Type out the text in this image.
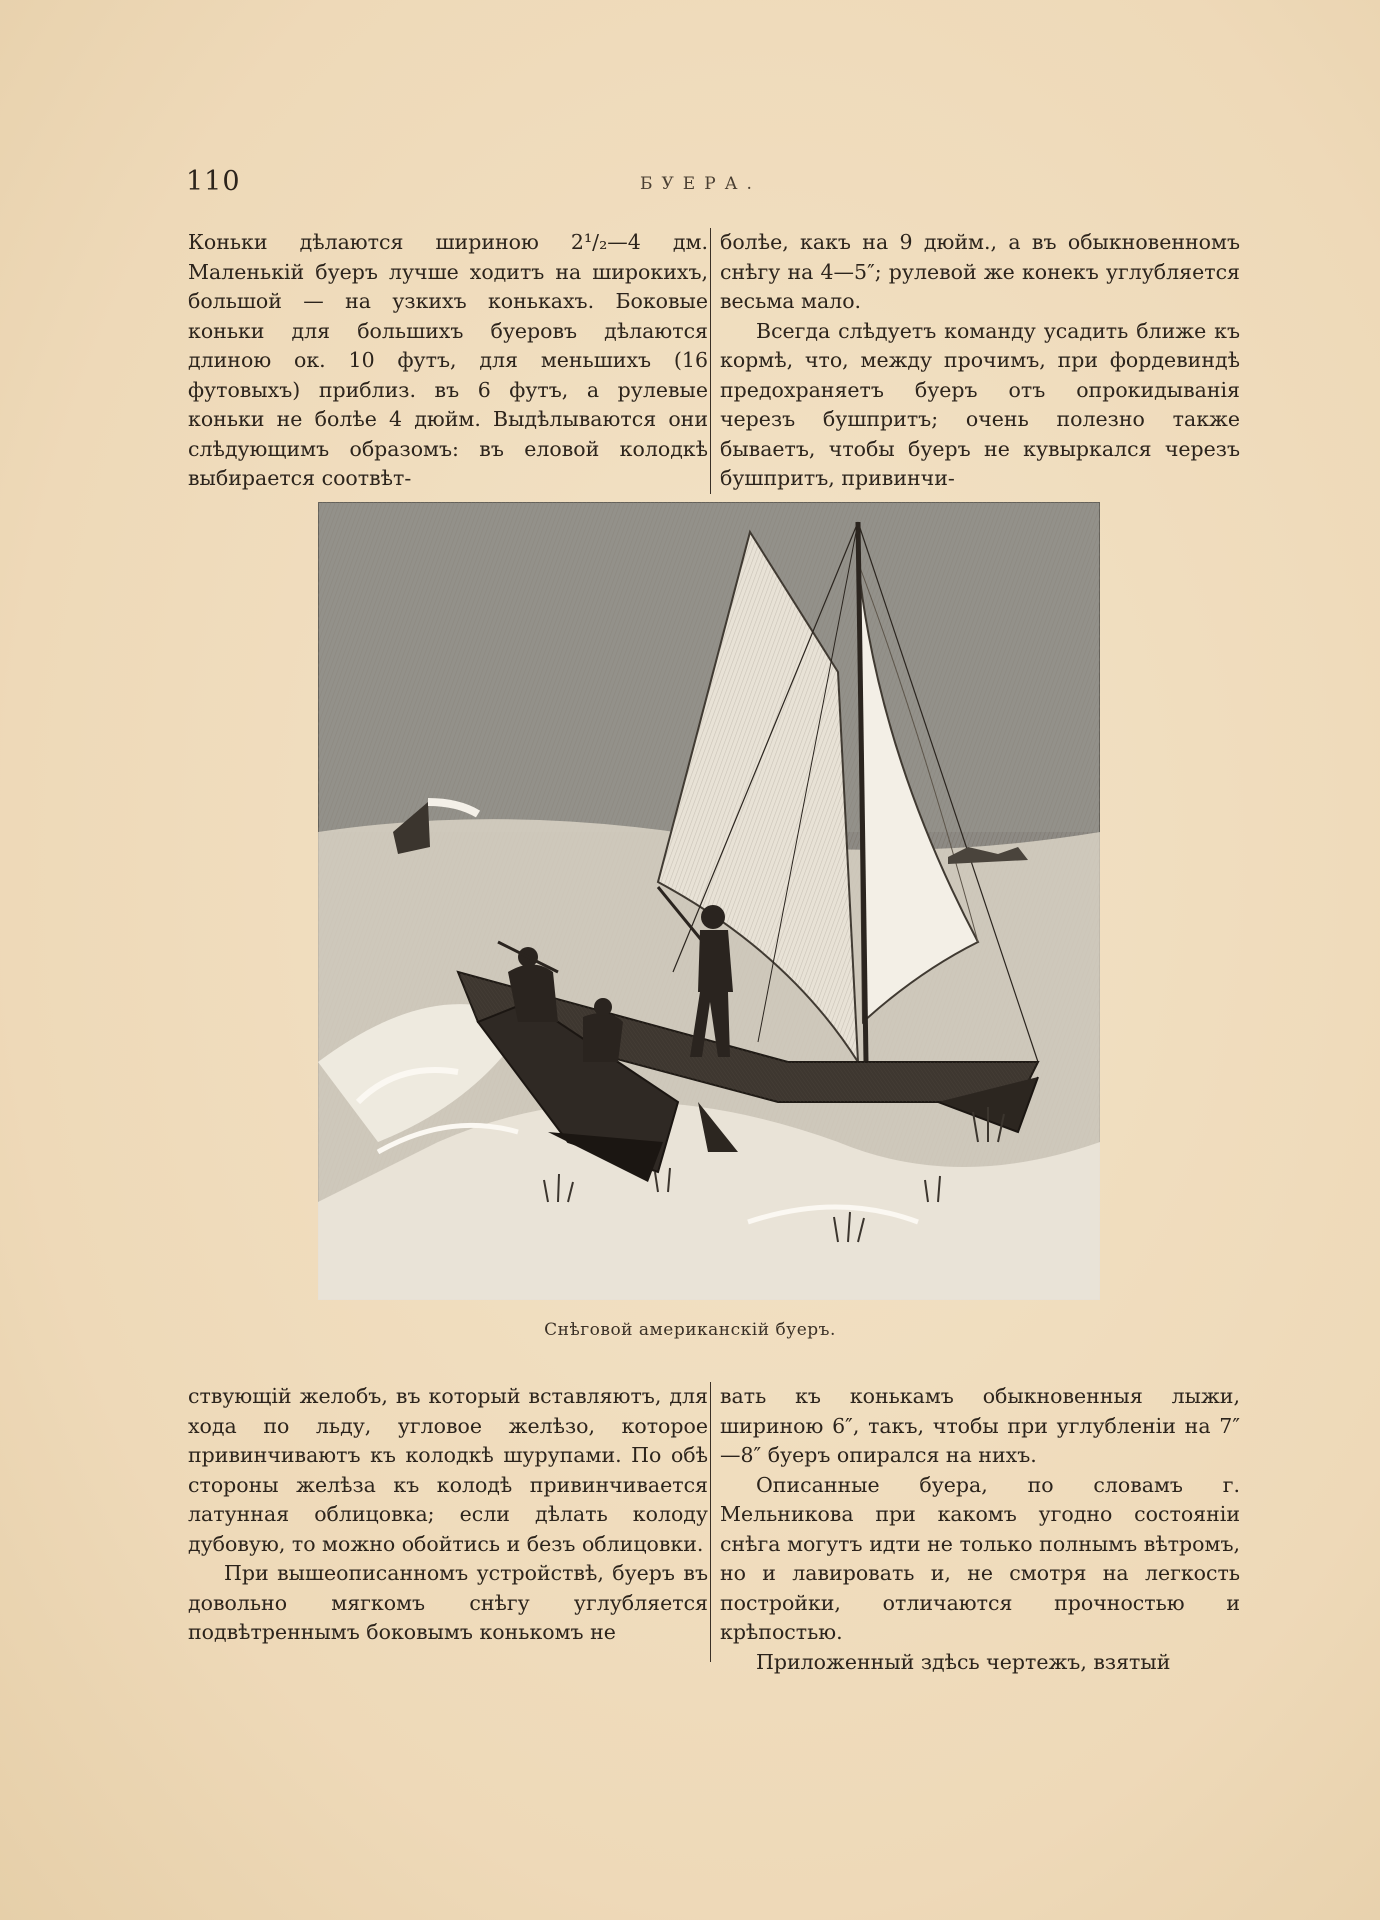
110	БУЕРА.

Коньки дѣлаются шириною 2¹/₂—4 дм. Маленькій буеръ лучше ходитъ на широкихъ, большой — на узкихъ конькахъ. Боковые коньки для большихъ буеровъ дѣлаются длиною ок. 10 футъ, для меньшихъ (16 футовыхъ) приблиз. въ 6 футъ, а рулевые коньки не болѣе 4 дюйм. Выдѣлываются они слѣдующимъ образомъ: въ еловой колодкѣ выбирается соотвѣт-

болѣе, какъ на 9 дюйм., а въ обыкновенномъ снѣгу на 4—5″; рулевой же конекъ углубляется весьма мало.

Всегда слѣдуетъ команду усадить ближе къ кормѣ, что, между прочимъ, при фордевиндѣ предохраняетъ буеръ отъ опрокидыванія черезъ бушпритъ; очень полезно также бываетъ, чтобы буеръ не кувыркался черезъ бушпритъ, привинчи-

Снѣговой американскій буеръ.

ствующій желобъ, въ который вставляютъ, для хода по льду, угловое желѣзо, которое привинчиваютъ къ колодкѣ шурупами. По обѣ стороны желѣза къ колодѣ привинчивается латунная облицовка; если дѣлать колоду дубовую, то можно обойтись и безъ облицовки.

При вышеописанномъ устройствѣ, буеръ въ довольно мягкомъ снѣгу углубляется подвѣтреннымъ боковымъ конькомъ не

вать къ конькамъ обыкновенныя лыжи, шириною 6″, такъ, чтобы при углубленіи на 7″—8″ буеръ опирался на нихъ.

Описанные буера, по словамъ г. Мельникова при какомъ угодно состояніи снѣга могутъ идти не только полнымъ вѣтромъ, но и лавировать и, не смотря на легкость постройки, отличаются прочностью и крѣпостью.

Приложенный здѣсь чертежъ, взятый
